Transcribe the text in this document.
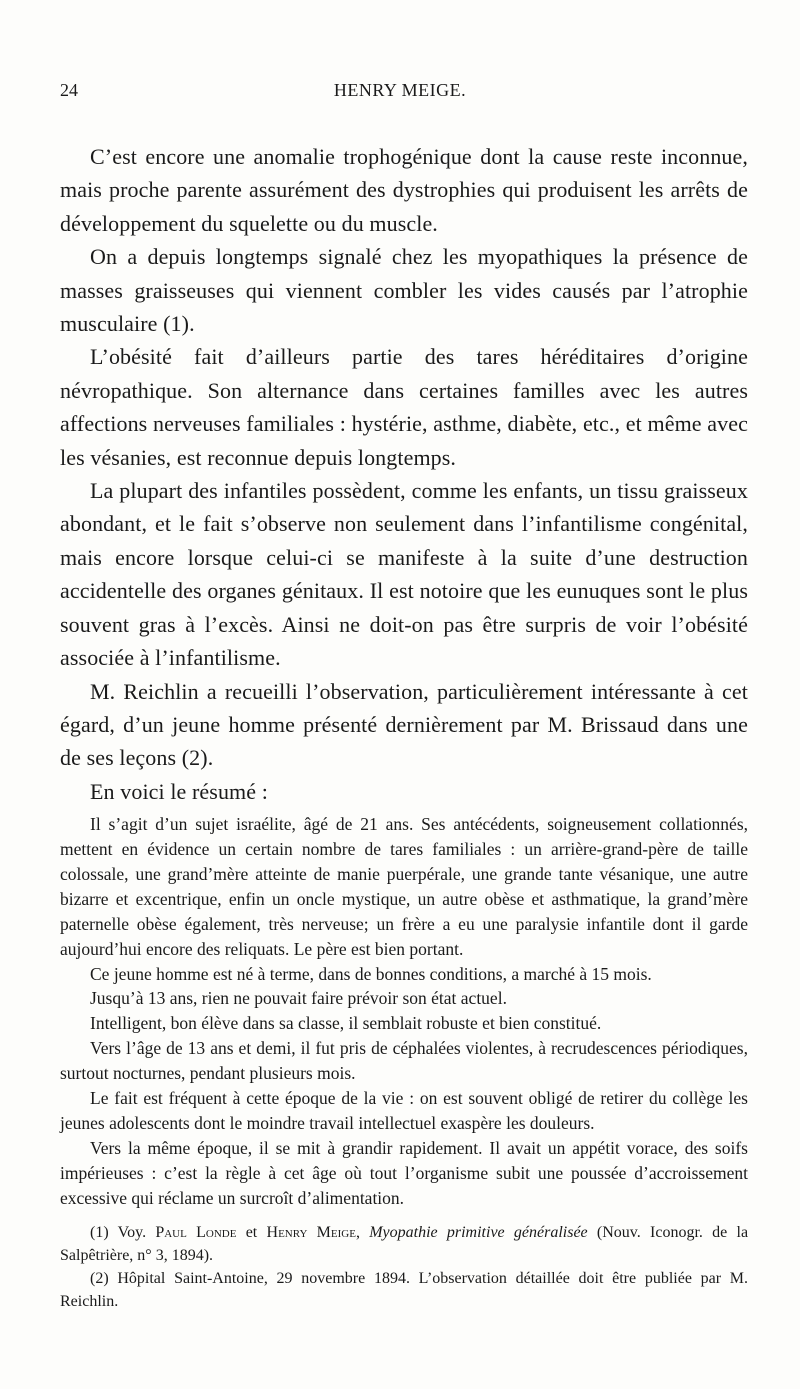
24	HENRY MEIGE.

C’est encore une anomalie trophogénique dont la cause reste inconnue, mais proche parente assurément des dystrophies qui produisent les arrêts de développement du squelette ou du muscle.

On a depuis longtemps signalé chez les myopathiques la présence de masses graisseuses qui viennent combler les vides causés par l’atrophie musculaire (1).

L’obésité fait d’ailleurs partie des tares héréditaires d’origine névropathique. Son alternance dans certaines familles avec les autres affections nerveuses familiales : hystérie, asthme, diabète, etc., et même avec les vésanies, est reconnue depuis longtemps.

La plupart des infantiles possèdent, comme les enfants, un tissu graisseux abondant, et le fait s’observe non seulement dans l’infantilisme congénital, mais encore lorsque celui-ci se manifeste à la suite d’une destruction accidentelle des organes génitaux. Il est notoire que les eunuques sont le plus souvent gras à l’excès. Ainsi ne doit-on pas être surpris de voir l’obésité associée à l’infantilisme.

M. Reichlin a recueilli l’observation, particulièrement intéressante à cet égard, d’un jeune homme présenté dernièrement par M. Brissaud dans une de ses leçons (2).

En voici le résumé :

Il s’agit d’un sujet israélite, âgé de 21 ans. Ses antécédents, soigneusement collationnés, mettent en évidence un certain nombre de tares familiales : un arrière-grand-père de taille colossale, une grand’mère atteinte de manie puerpérale, une grande tante vésanique, une autre bizarre et excentrique, enfin un oncle mystique, un autre obèse et asthmatique, la grand’mère paternelle obèse également, très nerveuse; un frère a eu une paralysie infantile dont il garde aujourd’hui encore des reliquats. Le père est bien portant.

Ce jeune homme est né à terme, dans de bonnes conditions, a marché à 15 mois.

Jusqu’à 13 ans, rien ne pouvait faire prévoir son état actuel.

Intelligent, bon élève dans sa classe, il semblait robuste et bien constitué.

Vers l’âge de 13 ans et demi, il fut pris de céphalées violentes, à recrudescences périodiques, surtout nocturnes, pendant plusieurs mois.

Le fait est fréquent à cette époque de la vie : on est souvent obligé de retirer du collège les jeunes adolescents dont le moindre travail intellectuel exaspère les douleurs.

Vers la même époque, il se mit à grandir rapidement. Il avait un appétit vorace, des soifs impérieuses : c’est la règle à cet âge où tout l’organisme subit une poussée d’accroissement excessive qui réclame un surcroît d’alimentation.

(1) Voy. Paul Londe et Henry Meige, Myopathie primitive généralisée (Nouv. Iconogr. de la Salpêtrière, n° 3, 1894).

(2) Hôpital Saint-Antoine, 29 novembre 1894. L’observation détaillée doit être publiée par M. Reichlin.
